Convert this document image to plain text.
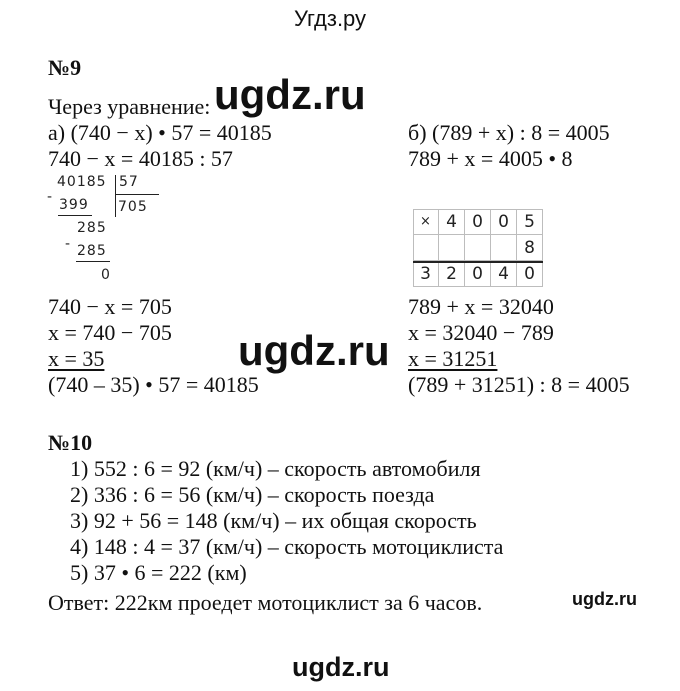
Угдз.ру
№9
Через уравнение: ugdz.ru
а) (740 − x) • 57 = 40185
740 − x = 40185 : 57
40185 57
- 399 705
285
- 285
0
740 − x = 705
x = 740 − 705
x = 35
(740 – 35) • 57 = 40185
б) (789 + x) : 8 = 4005
789 + x = 4005 • 8
× 4 0 0 5
8
3 2 0 4 0
789 + x = 32040
x = 32040 − 789
x = 31251
(789 + 31251) : 8 = 4005
ugdz.ru
№10
1) 552 : 6 = 92 (км/ч) – скорость автомобиля
2) 336 : 6 = 56 (км/ч) – скорость поезда
3) 92 + 56 = 148 (км/ч) – их общая скорость
4) 148 : 4 = 37 (км/ч) – скорость мотоциклиста
5) 37 • 6 = 222 (км)
Ответ: 222км проедет мотоциклист за 6 часов.	ugdz.ru
ugdz.ru
